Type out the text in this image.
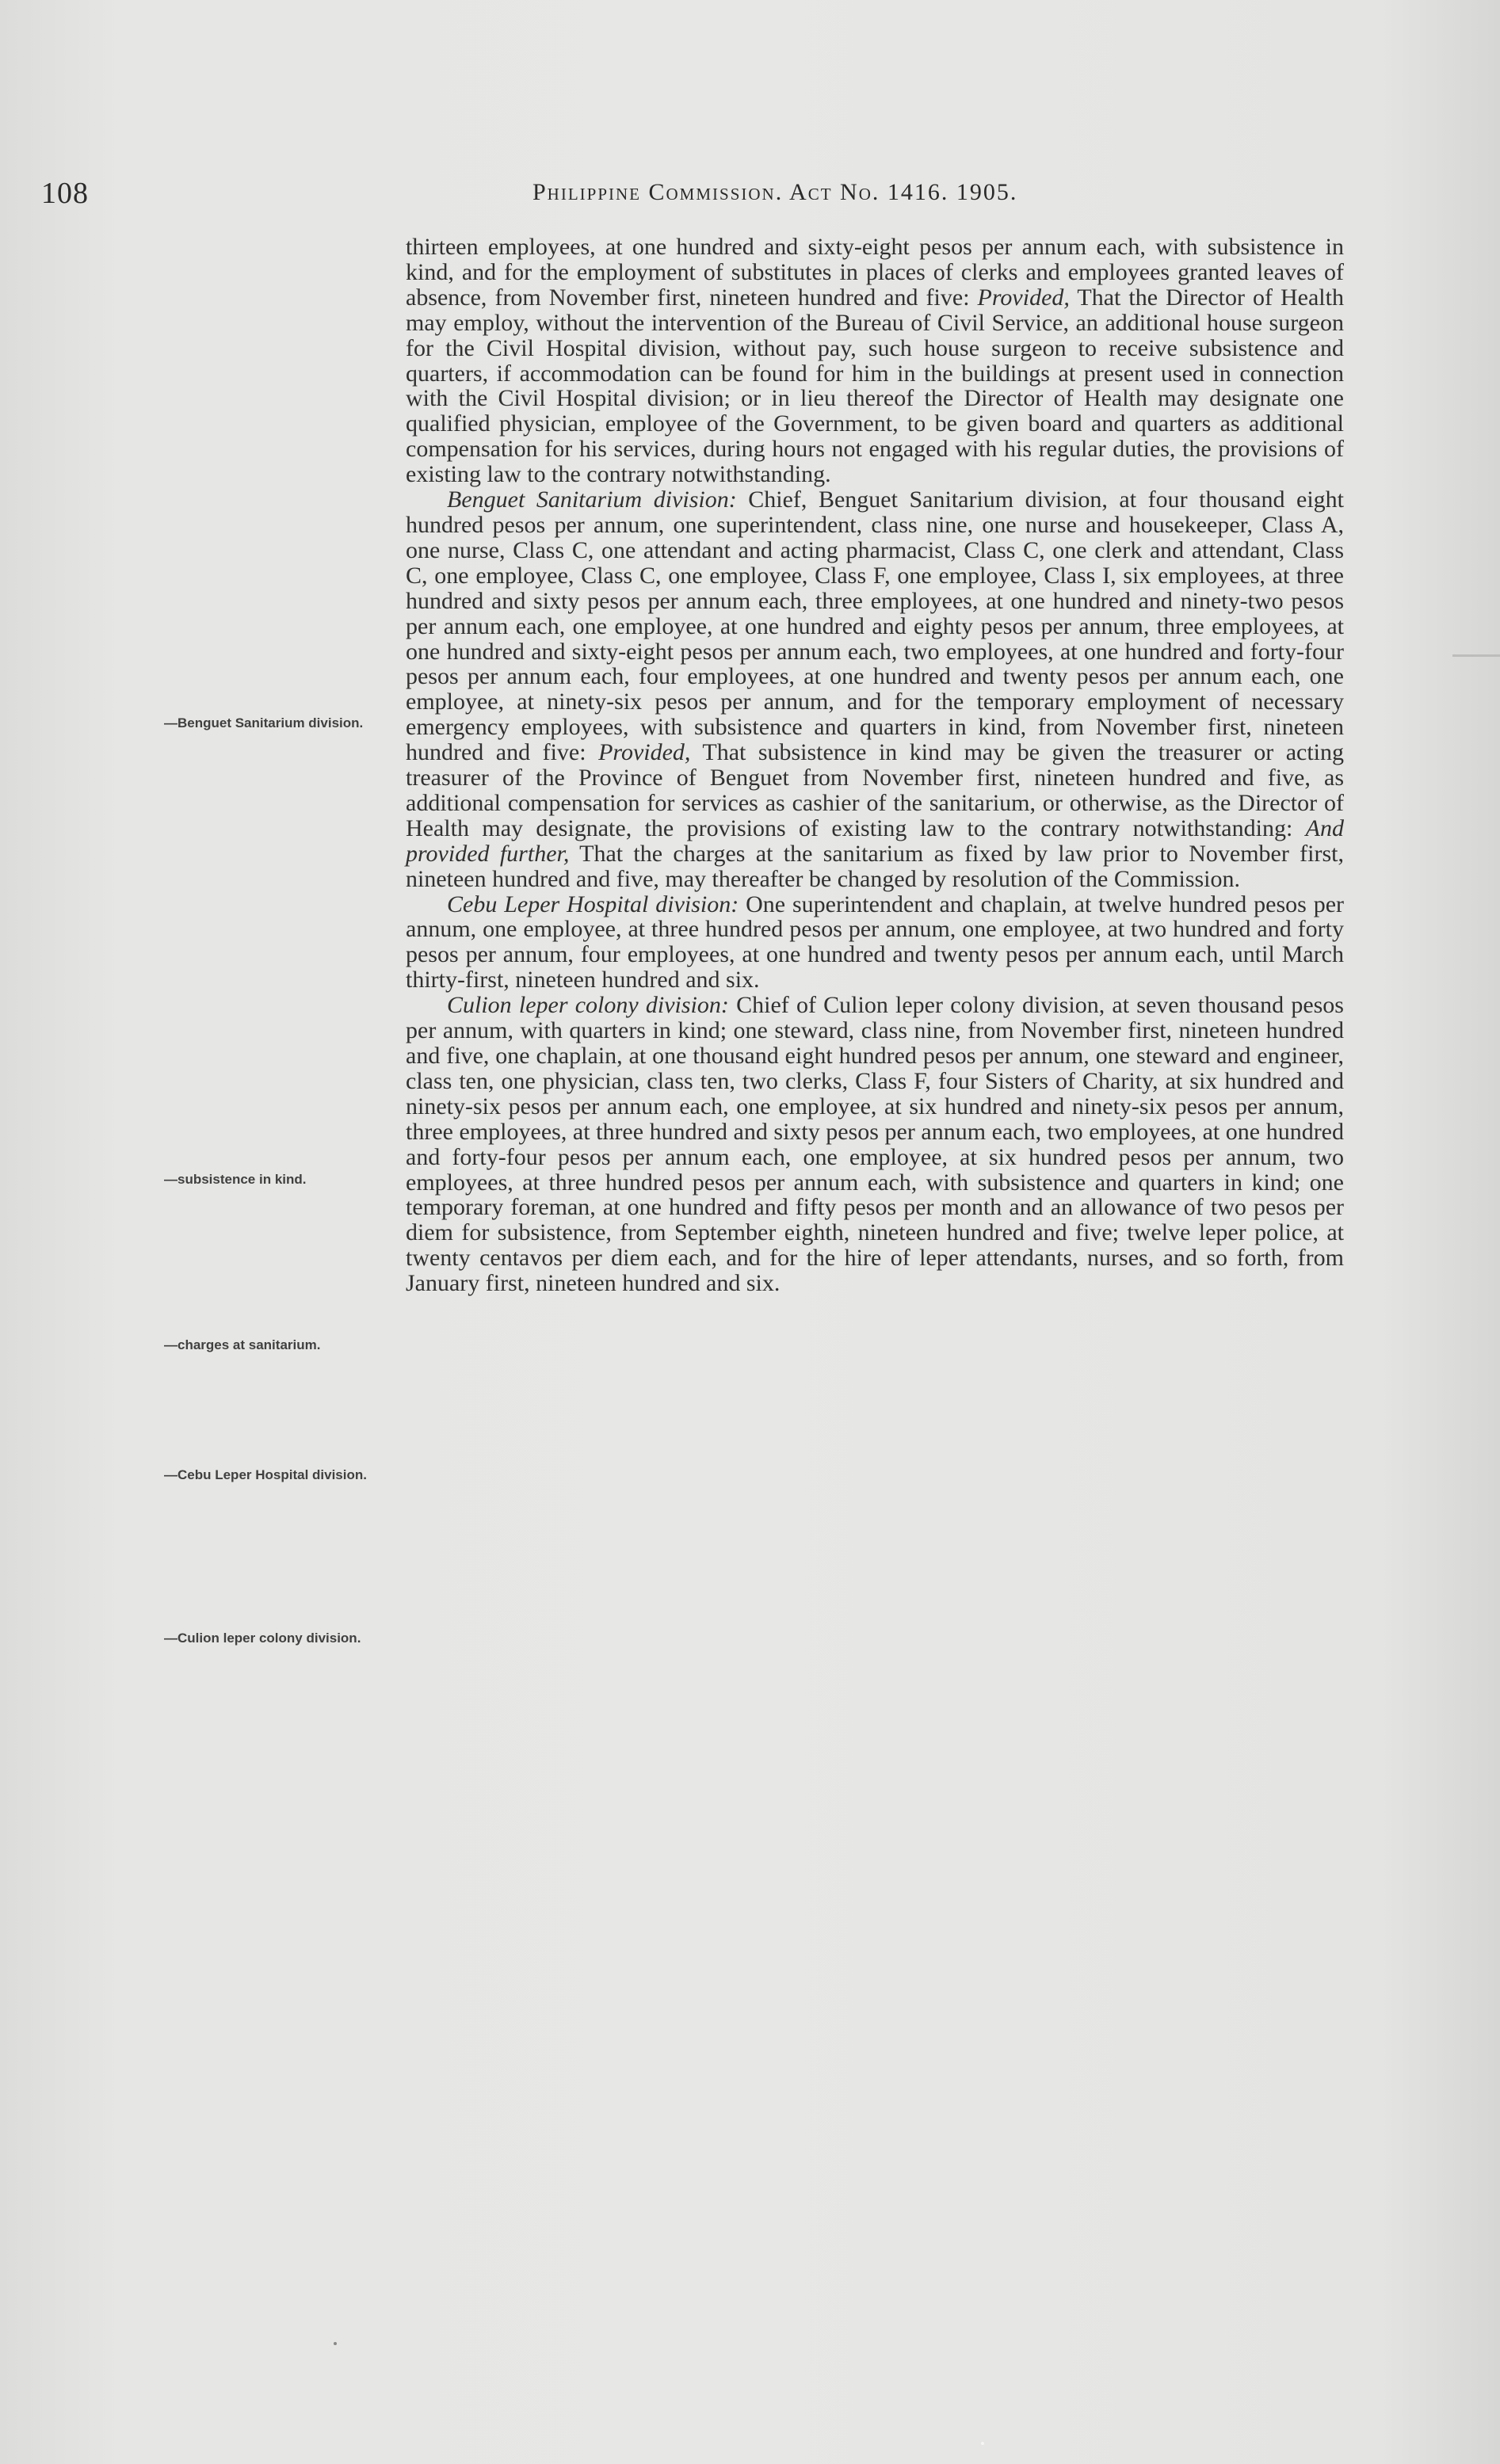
108	Philippine Commission. Act No. 1416. 1905.
—Benguet Sanitarium division.
—subsistence in kind.
—charges at sanitarium.
—Cebu Leper Hospital division.
—Culion leper colony division.

thirteen employees, at one hundred and sixty-eight pesos per annum each, with subsistence in kind, and for the employment of substitutes in places of clerks and employees granted leaves of absence, from November first, nineteen hundred and five: Provided, That the Director of Health may employ, without the intervention of the Bureau of Civil Service, an additional house surgeon for the Civil Hospital division, without pay, such house surgeon to receive subsistence and quarters, if accommodation can be found for him in the buildings at present used in connection with the Civil Hospital division; or in lieu thereof the Director of Health may designate one qualified physician, employee of the Government, to be given board and quarters as additional compensation for his services, during hours not engaged with his regular duties, the provisions of existing law to the contrary notwithstanding.

Benguet Sanitarium division: Chief, Benguet Sanitarium division, at four thousand eight hundred pesos per annum, one superintendent, class nine, one nurse and housekeeper, Class A, one nurse, Class C, one attendant and acting pharmacist, Class C, one clerk and attendant, Class C, one employee, Class C, one employee, Class F, one employee, Class I, six employees, at three hundred and sixty pesos per annum each, three employees, at one hundred and ninety-two pesos per annum each, one employee, at one hundred and eighty pesos per annum, three employees, at one hundred and sixty-eight pesos per annum each, two employees, at one hundred and forty-four pesos per annum each, four employees, at one hundred and twenty pesos per annum each, one employee, at ninety-six pesos per annum, and for the temporary employment of necessary emergency employees, with subsistence and quarters in kind, from November first, nineteen hundred and five: Provided, That subsistence in kind may be given the treasurer or acting treasurer of the Province of Benguet from November first, nineteen hundred and five, as additional compensation for services as cashier of the sanitarium, or otherwise, as the Director of Health may designate, the provisions of existing law to the contrary notwithstanding: And provided further, That the charges at the sanitarium as fixed by law prior to November first, nineteen hundred and five, may thereafter be changed by resolution of the Commission.

Cebu Leper Hospital division: One superintendent and chaplain, at twelve hundred pesos per annum, one employee, at three hundred pesos per annum, one employee, at two hundred and forty pesos per annum, four employees, at one hundred and twenty pesos per annum each, until March thirty-first, nineteen hundred and six.

Culion leper colony division: Chief of Culion leper colony division, at seven thousand pesos per annum, with quarters in kind; one steward, class nine, from November first, nineteen hundred and five, one chaplain, at one thousand eight hundred pesos per annum, one steward and engineer, class ten, one physician, class ten, two clerks, Class F, four Sisters of Charity, at six hundred and ninety-six pesos per annum each, one employee, at six hundred and ninety-six pesos per annum, three employees, at three hundred and sixty pesos per annum each, two employees, at one hundred and forty-four pesos per annum each, one employee, at six hundred pesos per annum, two employees, at three hundred pesos per annum each, with subsistence and quarters in kind; one temporary foreman, at one hundred and fifty pesos per month and an allowance of two pesos per diem for subsistence, from September eighth, nineteen hundred and five; twelve leper police, at twenty centavos per diem each, and for the hire of leper attendants, nurses, and so forth, from January first, nineteen hundred and six.
